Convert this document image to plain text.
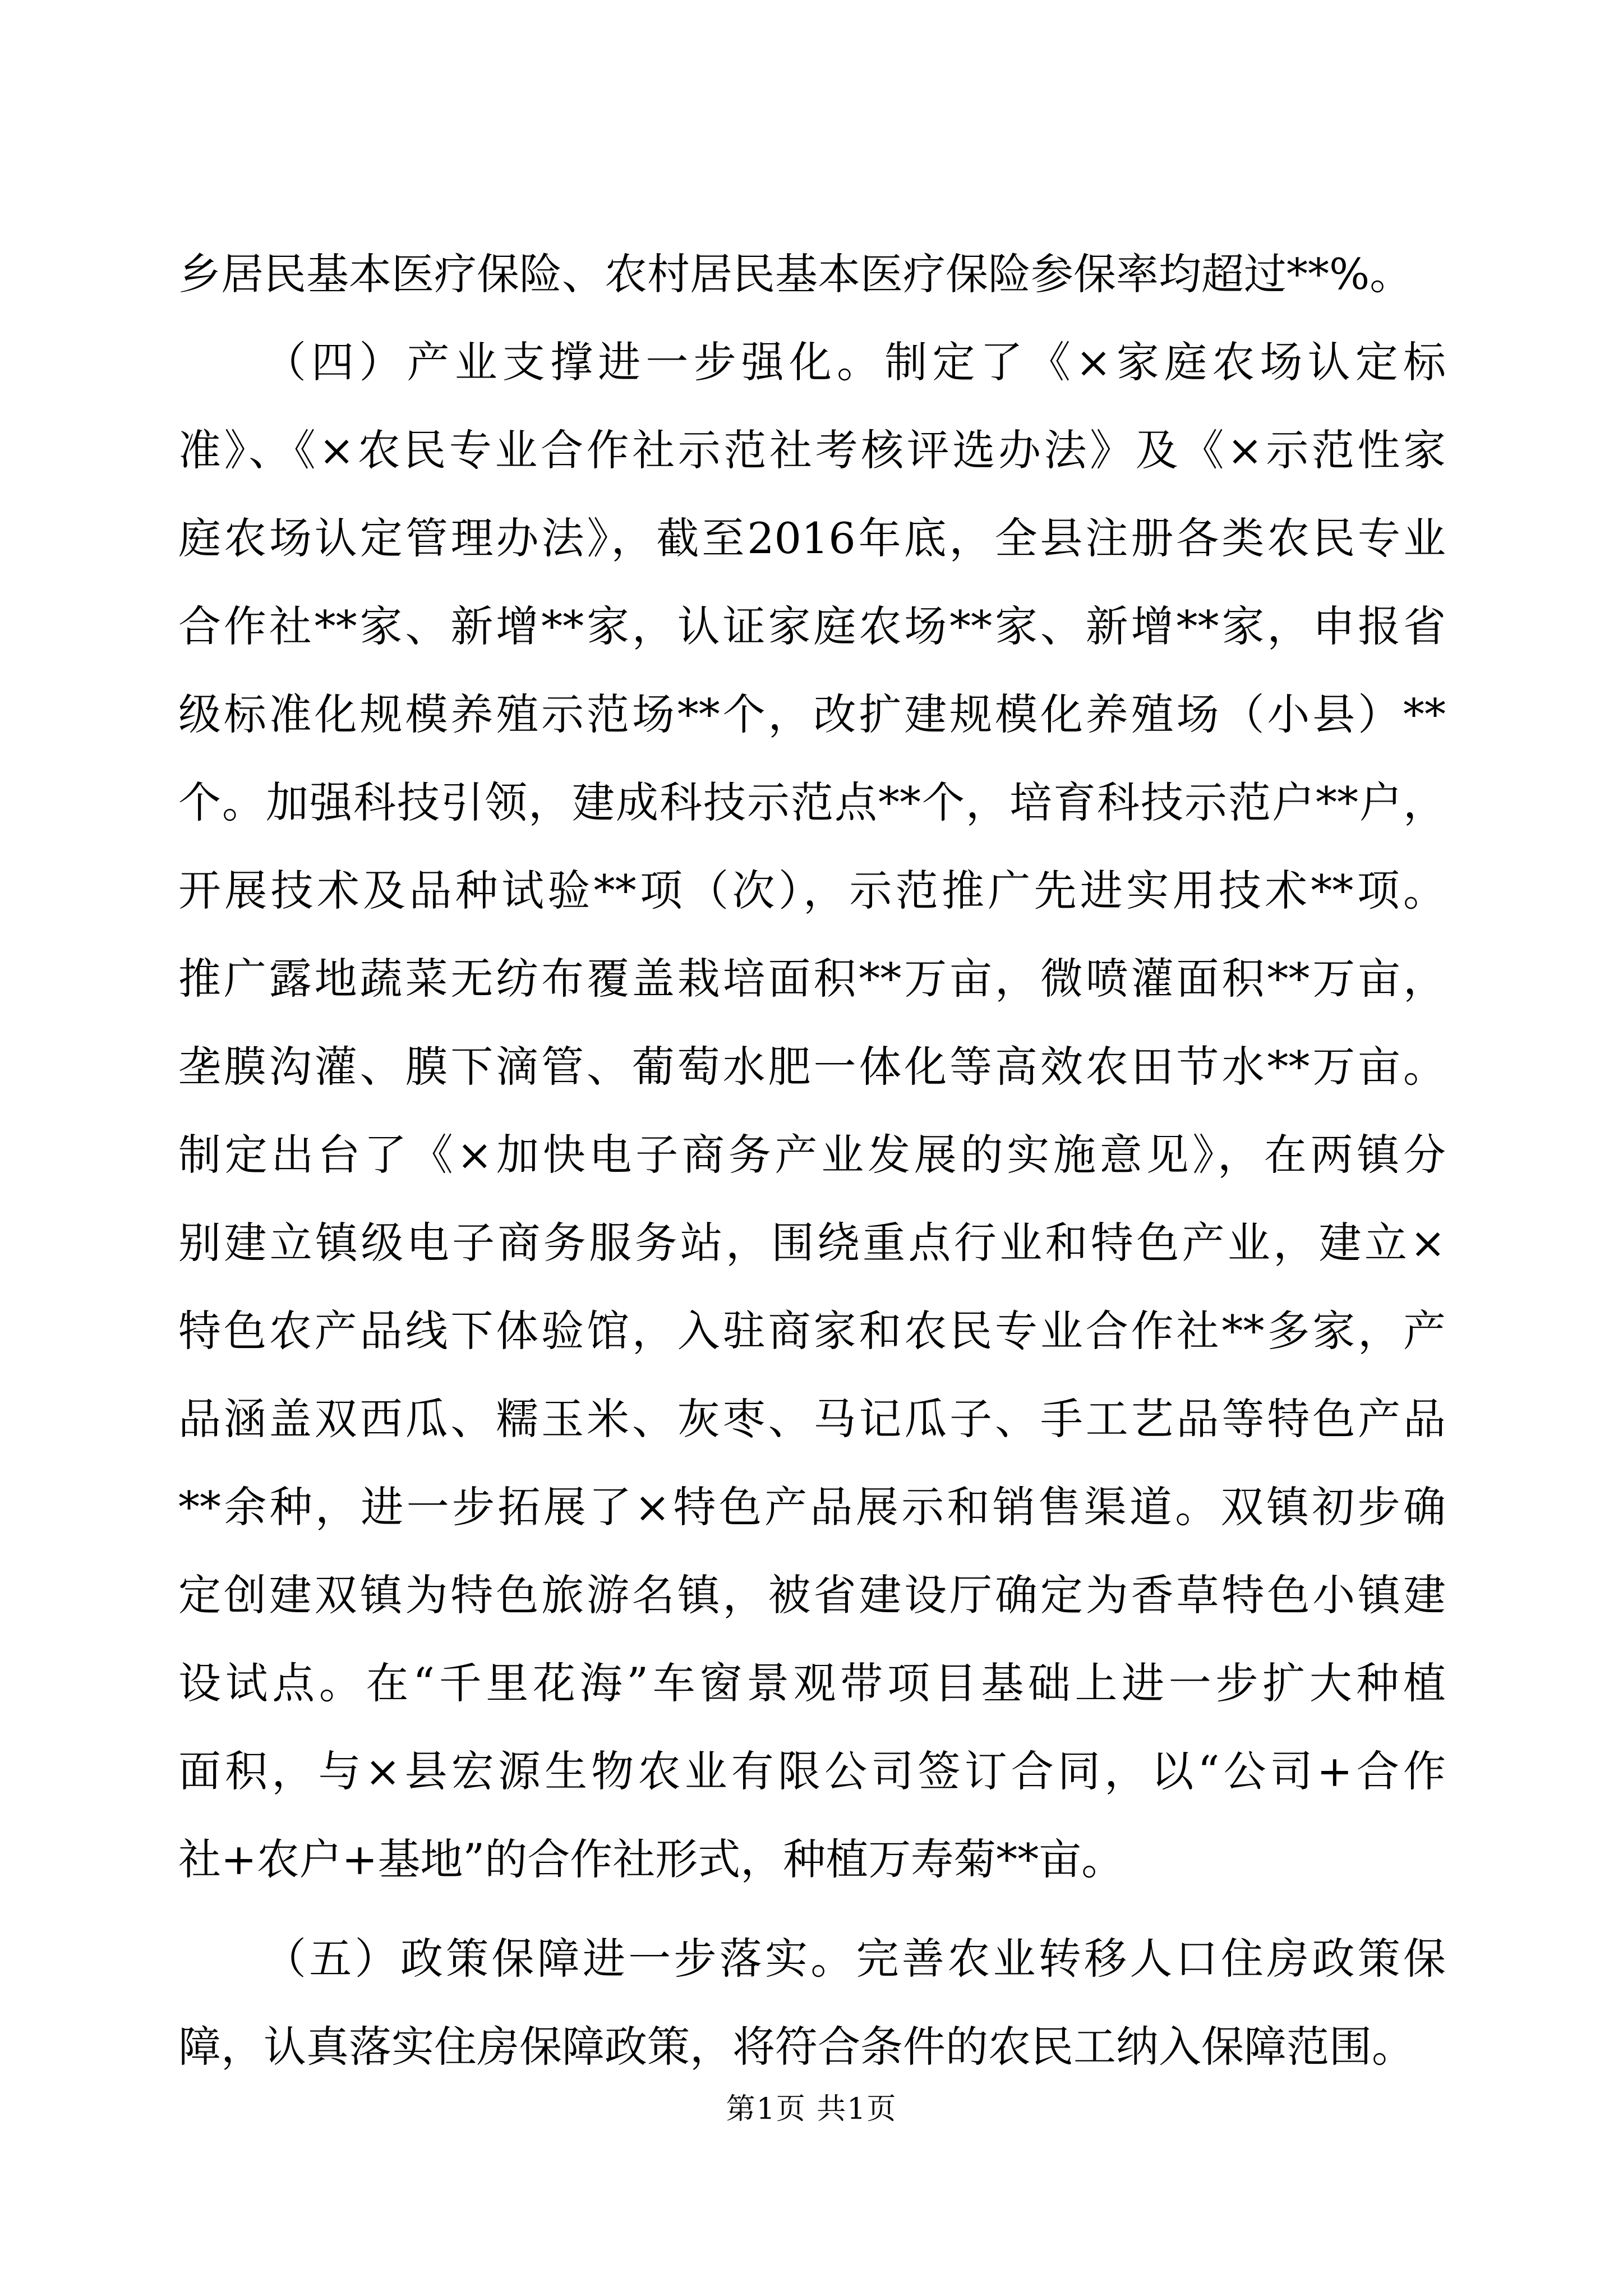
乡居民基本医疗保险、农村居民基本医疗保险参保率均超过**%。
（四）产业支撑进一步强化。制定了《×家庭农场认定标
准》、《×农民专业合作社示范社考核评选办法》及《×示范性家
庭农场认定管理办法》，截至2016年底，全县注册各类农民专业
合作社**家、新增**家，认证家庭农场**家、新增**家，申报省
级标准化规模养殖示范场**个，改扩建规模化养殖场（小县）**
个。加强科技引领，建成科技示范点**个，培育科技示范户**户，
开展技术及品种试验**项（次），示范推广先进实用技术**项。
推广露地蔬菜无纺布覆盖栽培面积**万亩，微喷灌面积**万亩，
垄膜沟灌、膜下滴管、葡萄水肥一体化等高效农田节水**万亩。
制定出台了《×加快电子商务产业发展的实施意见》，在两镇分
别建立镇级电子商务服务站，围绕重点行业和特色产业，建立×
特色农产品线下体验馆，入驻商家和农民专业合作社**多家，产
品涵盖双西瓜、糯玉米、灰枣、马记瓜子、手工艺品等特色产品
**余种，进一步拓展了×特色产品展示和销售渠道。双镇初步确
定创建双镇为特色旅游名镇，被省建设厅确定为香草特色小镇建
设试点。在“千里花海”车窗景观带项目基础上进一步扩大种植
面积，与×县宏源生物农业有限公司签订合同，以“公司+合作
社+农户+基地”的合作社形式，种植万寿菊**亩。
（五）政策保障进一步落实。完善农业转移人口住房政策保
障，认真落实住房保障政策，将符合条件的农民工纳入保障范围。
第1页 共1页
